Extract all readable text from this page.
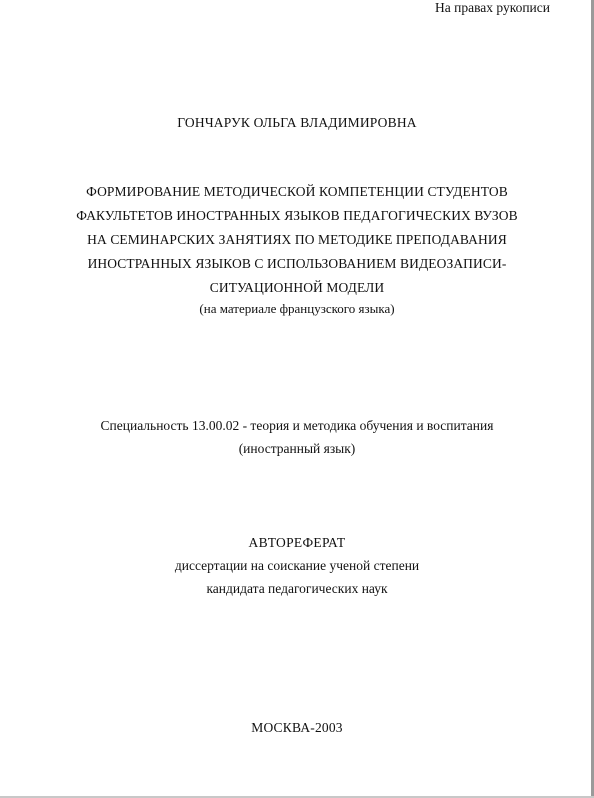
На правах рукописи
ГОНЧАРУК ОЛЬГА ВЛАДИМИРОВНА
ФОРМИРОВАНИЕ МЕТОДИЧЕСКОЙ КОМПЕТЕНЦИИ СТУДЕНТОВ
ФАКУЛЬТЕТОВ ИНОСТРАННЫХ ЯЗЫКОВ ПЕДАГОГИЧЕСКИХ ВУЗОВ
НА СЕМИНАРСКИХ ЗАНЯТИЯХ ПО МЕТОДИКЕ ПРЕПОДАВАНИЯ
ИНОСТРАННЫХ ЯЗЫКОВ С ИСПОЛЬЗОВАНИЕМ ВИДЕОЗАПИСИ-
СИТУАЦИОННОЙ МОДЕЛИ
(на материале французского языка)
Специальность 13.00.02 - теория и методика обучения и воспитания
(иностранный язык)
АВТОРЕФЕРАТ
диссертации на соискание ученой степени
кандидата педагогических наук
МОСКВА-2003
